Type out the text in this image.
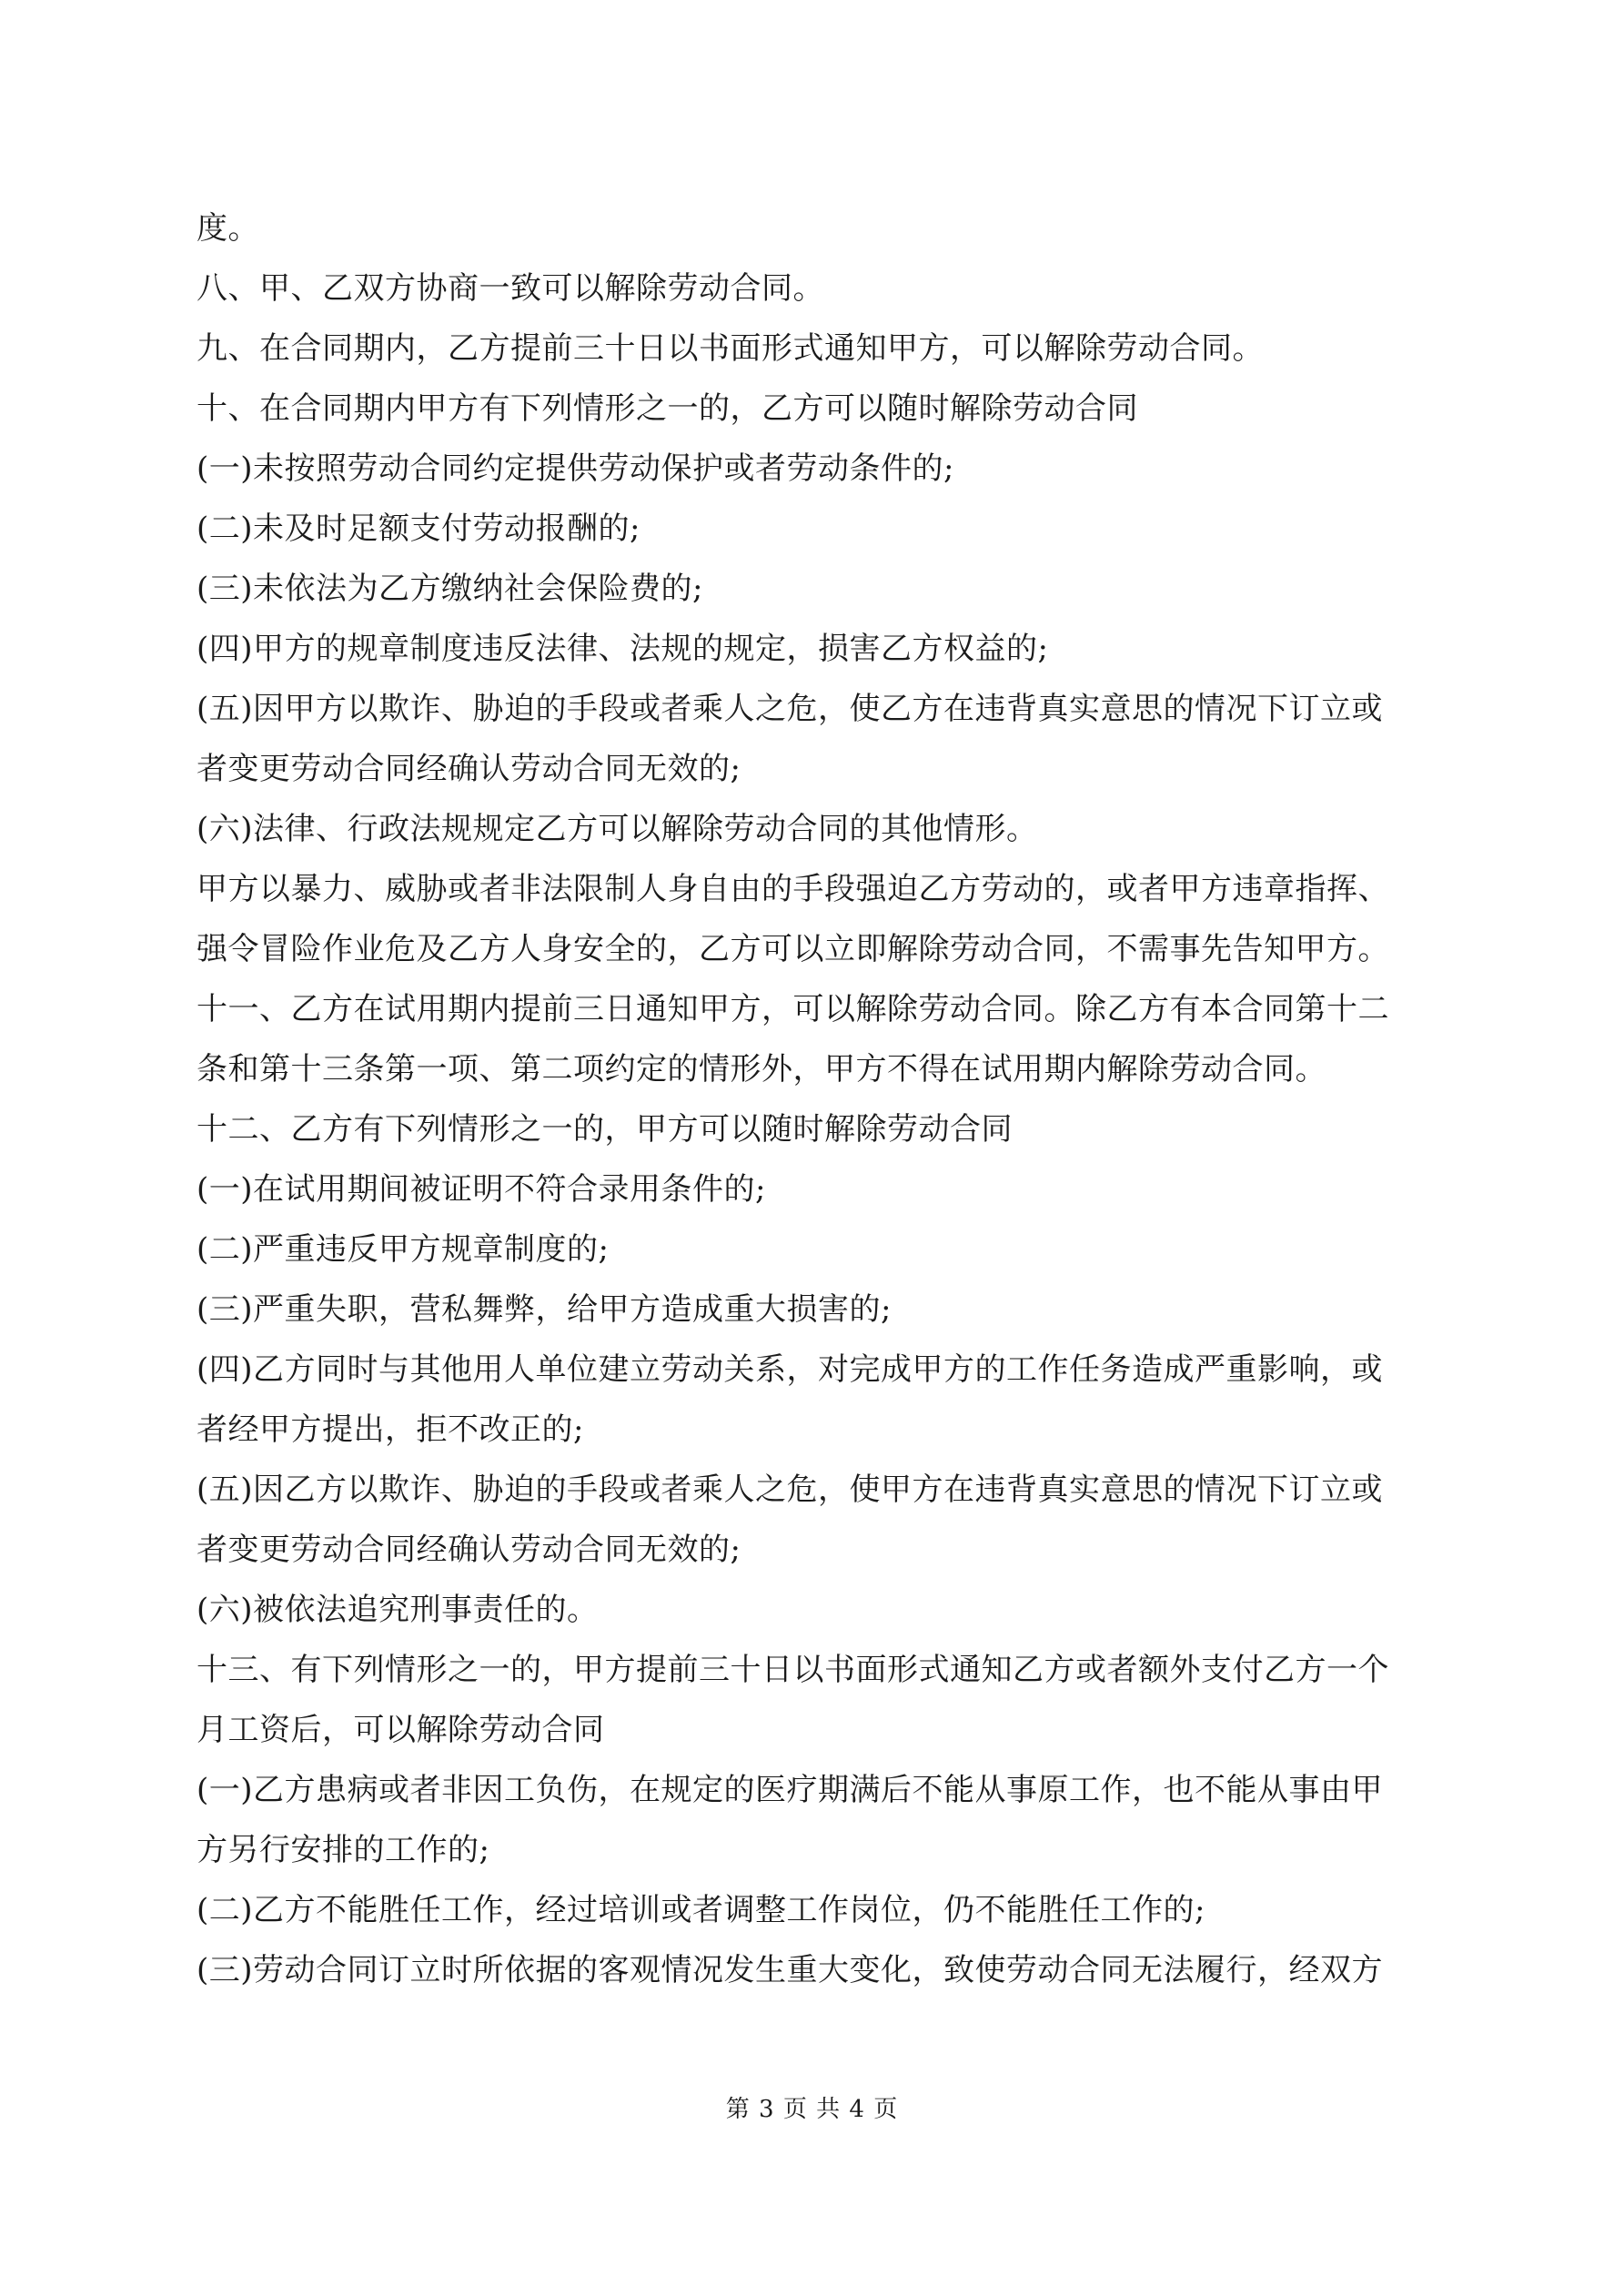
度。
八、甲、乙双方协商一致可以解除劳动合同。
九、在合同期内，乙方提前三十日以书面形式通知甲方，可以解除劳动合同。
十、在合同期内甲方有下列情形之一的，乙方可以随时解除劳动合同
(一)未按照劳动合同约定提供劳动保护或者劳动条件的;
(二)未及时足额支付劳动报酬的;
(三)未依法为乙方缴纳社会保险费的;
(四)甲方的规章制度违反法律、法规的规定，损害乙方权益的;
(五)因甲方以欺诈、胁迫的手段或者乘人之危，使乙方在违背真实意思的情况下订立或
者变更劳动合同经确认劳动合同无效的;
(六)法律、行政法规规定乙方可以解除劳动合同的其他情形。
甲方以暴力、威胁或者非法限制人身自由的手段强迫乙方劳动的，或者甲方违章指挥、
强令冒险作业危及乙方人身安全的，乙方可以立即解除劳动合同，不需事先告知甲方。
十一、乙方在试用期内提前三日通知甲方，可以解除劳动合同。除乙方有本合同第十二
条和第十三条第一项、第二项约定的情形外，甲方不得在试用期内解除劳动合同。
十二、乙方有下列情形之一的，甲方可以随时解除劳动合同
(一)在试用期间被证明不符合录用条件的;
(二)严重违反甲方规章制度的;
(三)严重失职，营私舞弊，给甲方造成重大损害的;
(四)乙方同时与其他用人单位建立劳动关系，对完成甲方的工作任务造成严重影响，或
者经甲方提出，拒不改正的;
(五)因乙方以欺诈、胁迫的手段或者乘人之危，使甲方在违背真实意思的情况下订立或
者变更劳动合同经确认劳动合同无效的;
(六)被依法追究刑事责任的。
十三、有下列情形之一的，甲方提前三十日以书面形式通知乙方或者额外支付乙方一个
月工资后，可以解除劳动合同
(一)乙方患病或者非因工负伤，在规定的医疗期满后不能从事原工作，也不能从事由甲
方另行安排的工作的;
(二)乙方不能胜任工作，经过培训或者调整工作岗位，仍不能胜任工作的;
(三)劳动合同订立时所依据的客观情况发生重大变化，致使劳动合同无法履行，经双方
第 3 页 共 4 页
